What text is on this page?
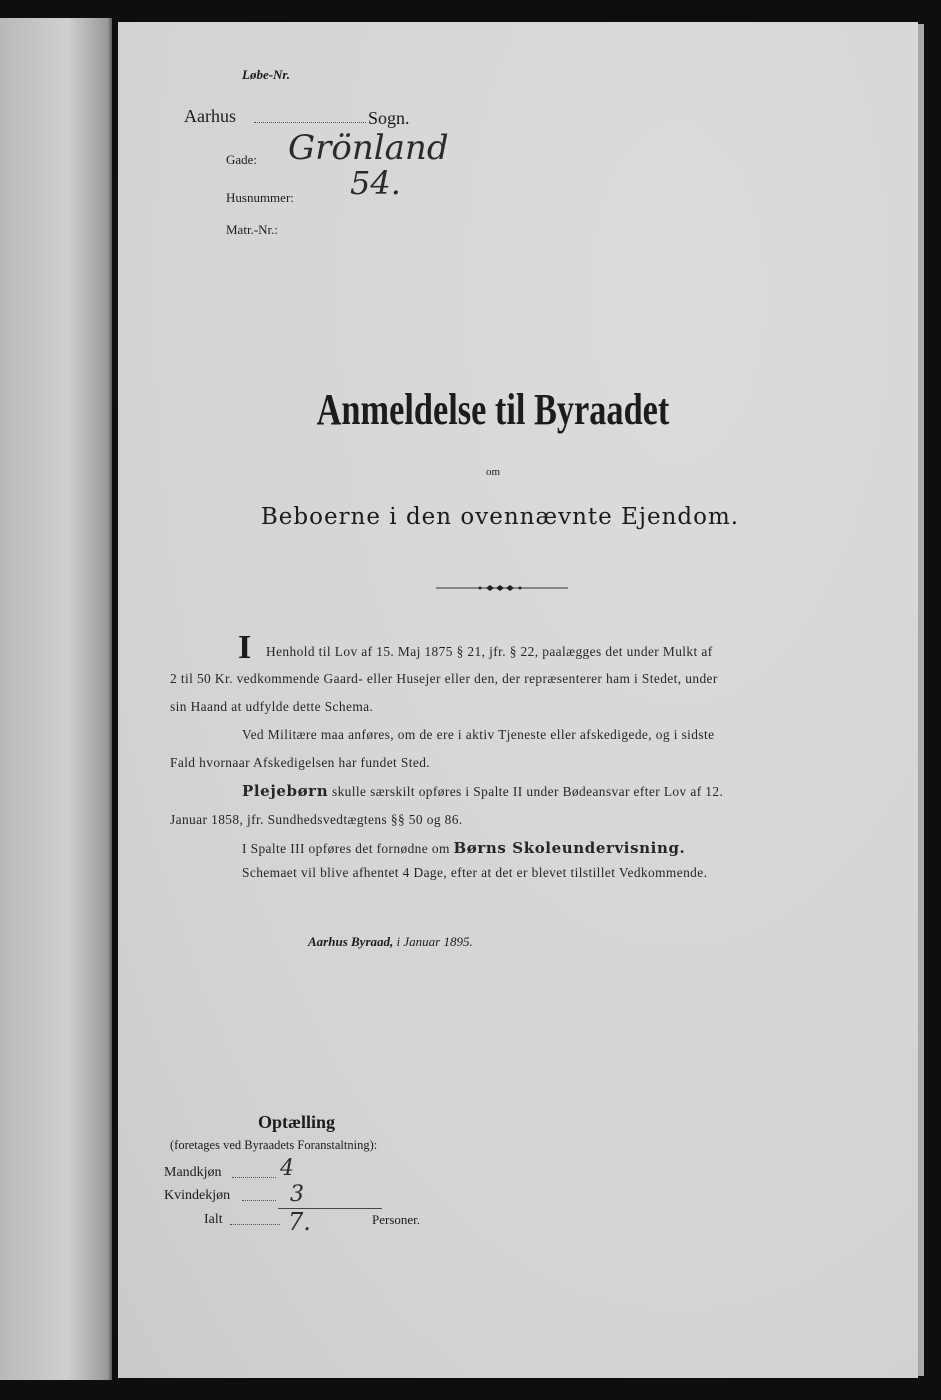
Løbe-Nr.
Aarhus	Sogn.
Gade: Grönland
Husnummer: 54.
Matr.-Nr.:
Anmeldelse til Byraadet
om
Beboerne i den ovennævnte Ejendom.
I Henhold til Lov af 15. Maj 1875 § 21, jfr. § 22, paalægges det under Mulkt af
2 til 50 Kr. vedkommende Gaard- eller Husejer eller den, der repræsenterer ham i Stedet, under
sin Haand at udfylde dette Schema.
Ved Militære maa anføres, om de ere i aktiv Tjeneste eller afskedigede, og i sidste
Fald hvornaar Afskedigelsen har fundet Sted.
Plejebørn skulle særskilt opføres i Spalte II under Bødeansvar efter Lov af 12.
Januar 1858, jfr. Sundhedsvedtægtens §§ 50 og 86.
I Spalte III opføres det fornødne om Børns Skoleundervisning.
Schemaet vil blive afhentet 4 Dage, efter at det er blevet tilstillet Vedkommende.
Aarhus Byraad, i Januar 1895.
Optælling
(foretages ved Byraadets Foranstaltning):
Mandkjøn	4
Kvindekjøn	3
Ialt	7.	Personer.
